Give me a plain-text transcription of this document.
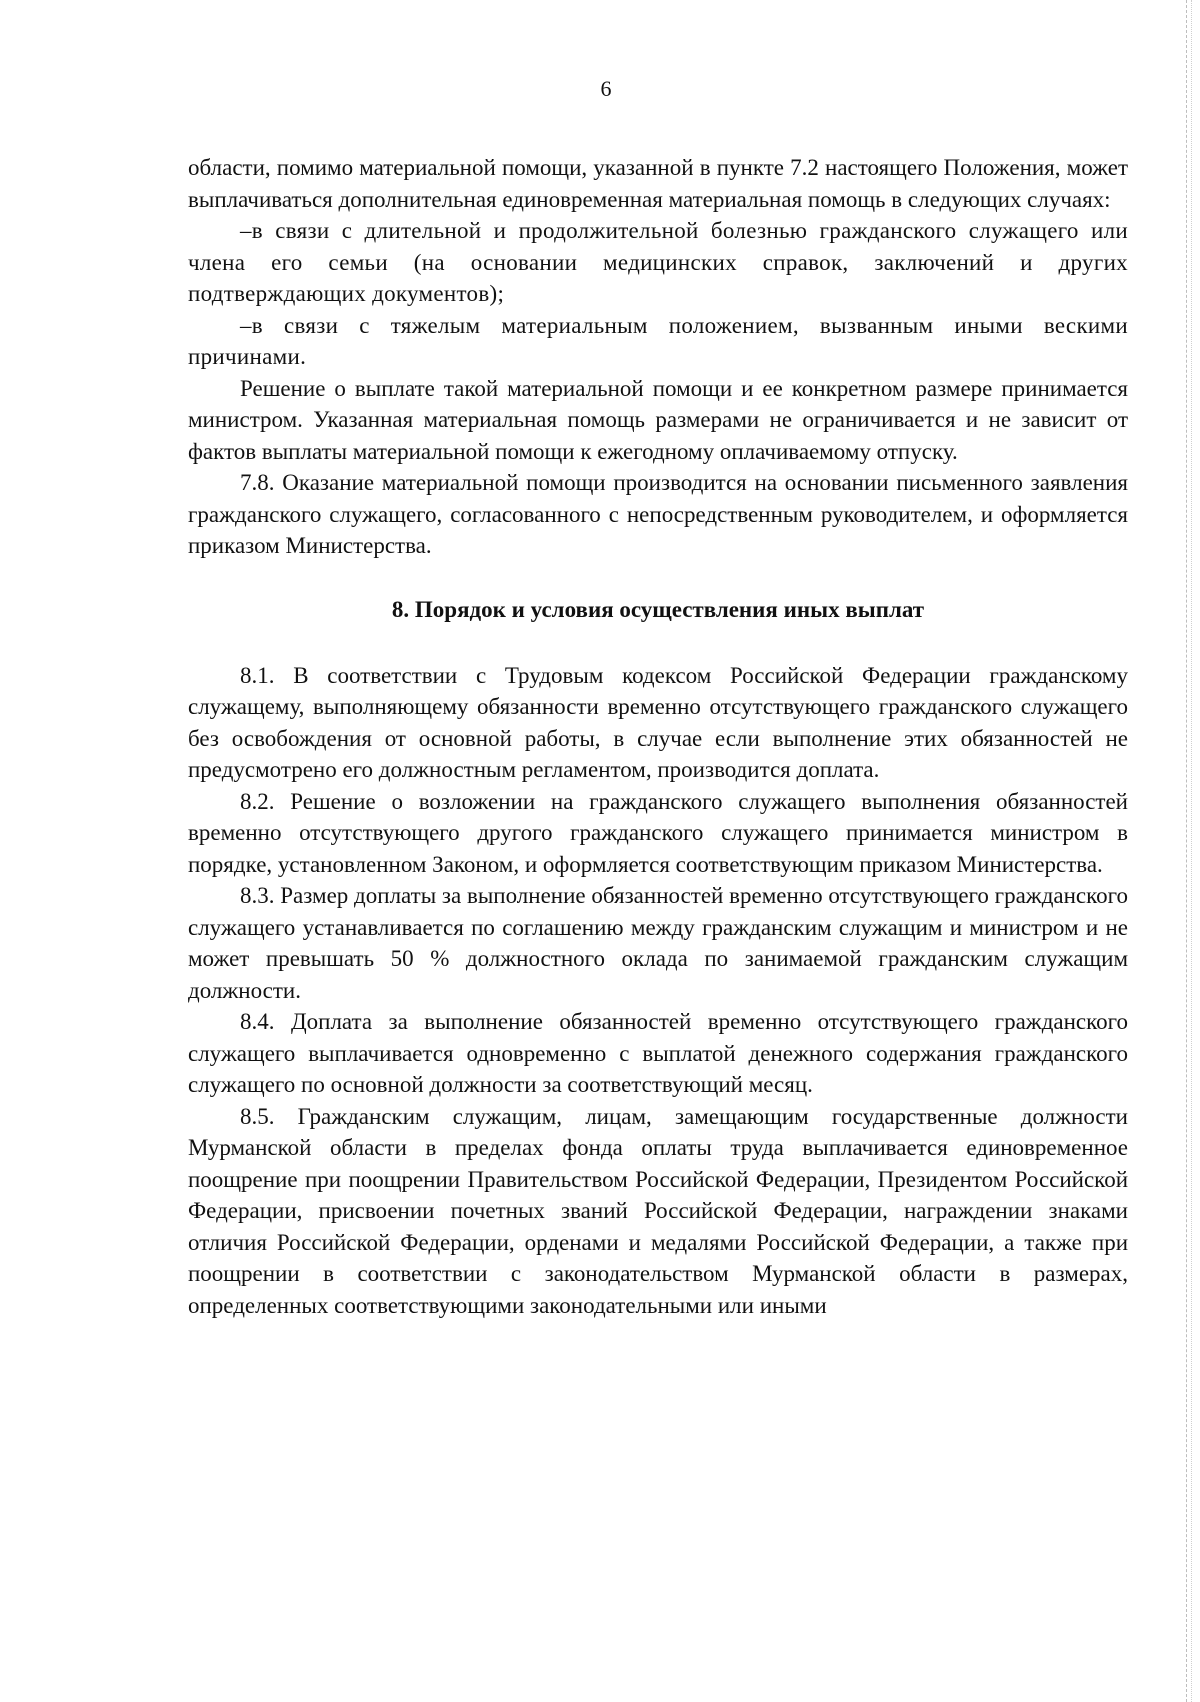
6

области, помимо материальной помощи, указанной в пункте 7.2 настоящего Положения, может выплачиваться дополнительная единовременная материальная помощь в следующих случаях:

–в связи с длительной и продолжительной болезнью гражданского служащего или члена его семьи (на основании медицинских справок, заключений и других подтверждающих документов);

–в связи с тяжелым материальным положением, вызванным иными вескими причинами.

Решение о выплате такой материальной помощи и ее конкретном размере принимается министром. Указанная материальная помощь размерами не ограничивается и не зависит от фактов выплаты материальной помощи к ежегодному оплачиваемому отпуску.

7.8. Оказание материальной помощи производится на основании письменного заявления гражданского служащего, согласованного с непосредственным руководителем, и оформляется приказом Министерства.

8. Порядок и условия осуществления иных выплат

8.1. В соответствии с Трудовым кодексом Российской Федерации гражданскому служащему, выполняющему обязанности временно отсутствующего гражданского служащего без освобождения от основной работы, в случае если выполнение этих обязанностей не предусмотрено его должностным регламентом, производится доплата.

8.2. Решение о возложении на гражданского служащего выполнения обязанностей временно отсутствующего другого гражданского служащего принимается министром в порядке, установленном Законом, и оформляется соответствующим приказом Министерства.

8.3. Размер доплаты за выполнение обязанностей временно отсутствующего гражданского служащего устанавливается по соглашению между гражданским служащим и министром и не может превышать 50 % должностного оклада по занимаемой гражданским служащим должности.

8.4. Доплата за выполнение обязанностей временно отсутствующего гражданского служащего выплачивается одновременно с выплатой денежного содержания гражданского служащего по основной должности за соответствующий месяц.

8.5. Гражданским служащим, лицам, замещающим государственные должности Мурманской области в пределах фонда оплаты труда выплачивается единовременное поощрение при поощрении Правительством Российской Федерации, Президентом Российской Федерации, присвоении почетных званий Российской Федерации, награждении знаками отличия Российской Федерации, орденами и медалями Российской Федерации, а также при поощрении в соответствии с законодательством Мурманской области в размерах, определенных соответствующими законодательными или иными
